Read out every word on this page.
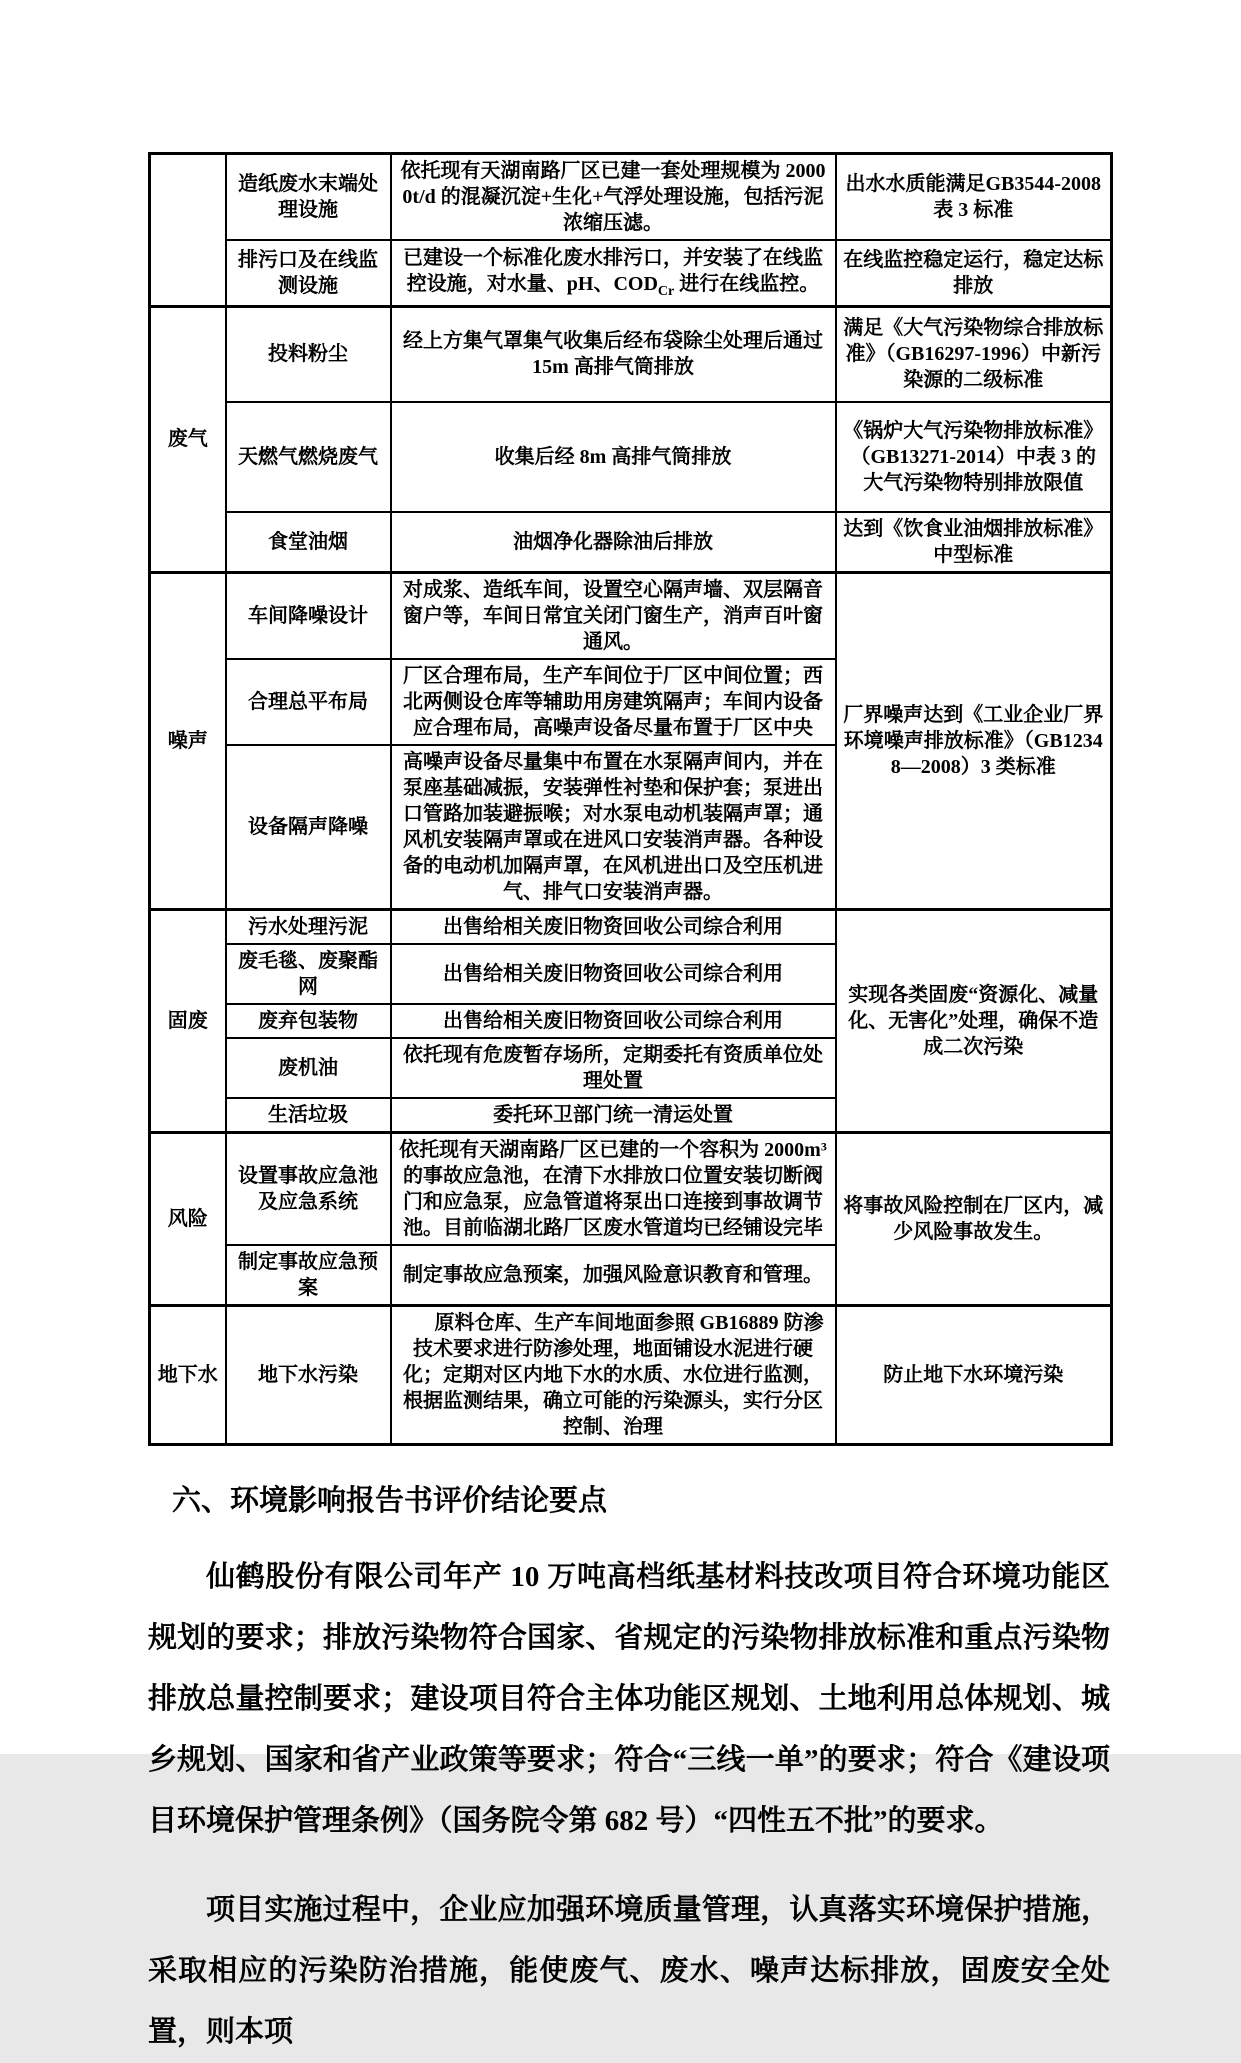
	造纸废水末端处理设施	依托现有天湖南路厂区已建一套处理规模为 20000t/d 的混凝沉淀+生化+气浮处理设施，包括污泥浓缩压滤。	出水水质能满足GB3544-2008 表 3 标准
	排污口及在线监测设施	已建设一个标准化废水排污口，并安装了在线监控设施，对水量、pH、$COD_{Cr}$ 进行在线监控。	在线监控稳定运行，稳定达标排放
废气	投料粉尘	经上方集气罩集气收集后经布袋除尘处理后通过 15m 高排气筒排放	满足《大气污染物综合排放标准》（GB16297-1996）中新污染源的二级标准
	天燃气燃烧废气	收集后经 8m 高排气筒排放	《锅炉大气污染物排放标准》（GB13271-2014）中表 3 的大气污染物特别排放限值
	食堂油烟	油烟净化器除油后排放	达到《饮食业油烟排放标准》中型标准
噪声	车间降噪设计	对成浆、造纸车间，设置空心隔声墙、双层隔音窗户等，车间日常宜关闭门窗生产，消声百叶窗通风。	厂界噪声达到《工业企业厂界环境噪声排放标准》（GB12348—2008）3 类标准
	合理总平布局	厂区合理布局，生产车间位于厂区中间位置；西北两侧设仓库等辅助用房建筑隔声；车间内设备应合理布局，高噪声设备尽量布置于厂区中央	
	设备隔声降噪	高噪声设备尽量集中布置在水泵隔声间内，并在泵座基础减振，安装弹性衬垫和保护套；泵进出口管路加装避振喉；对水泵电动机装隔声罩；通风机安装隔声罩或在进风口安装消声器。各种设备的电动机加隔声罩，在风机进出口及空压机进气、排气口安装消声器。	
固废	污水处理污泥	出售给相关废旧物资回收公司综合利用	实现各类固废“资源化、减量化、无害化”处理，确保不造成二次污染
	废毛毯、废聚酯网	出售给相关废旧物资回收公司综合利用	
	废弃包装物	出售给相关废旧物资回收公司综合利用	
	废机油	依托现有危废暂存场所，定期委托有资质单位处理处置	
	生活垃圾	委托环卫部门统一清运处置	
风险	设置事故应急池及应急系统	依托现有天湖南路厂区已建的一个容积为 2000m³ 的事故应急池，在清下水排放口位置安装切断阀门和应急泵，应急管道将泵出口连接到事故调节池。目前临湖北路厂区废水管道均已经铺设完毕	将事故风险控制在厂区内，减少风险事故发生。
	制定事故应急预案	制定事故应急预案，加强风险意识教育和管理。	
地下水	地下水污染	原料仓库、生产车间地面参照 GB16889 防渗技术要求进行防渗处理，地面铺设水泥进行硬化；定期对区内地下水的水质、水位进行监测，根据监测结果，确立可能的污染源头，实行分区控制、治理	防止地下水环境污染
六、环境影响报告书评价结论要点

仙鹤股份有限公司年产 10 万吨高档纸基材料技改项目符合环境功能区规划的要求；排放污染物符合国家、省规定的污染物排放标准和重点污染物排放总量控制要求；建设项目符合主体功能区规划、土地利用总体规划、城乡规划、国家和省产业政策等要求；符合“三线一单”的要求；符合《建设项目环境保护管理条例》（国务院令第 682 号）“四性五不批”的要求。

项目实施过程中，企业应加强环境质量管理，认真落实环境保护措施，采取相应的污染防治措施，能使废气、废水、噪声达标排放，固废安全处置，则本项
